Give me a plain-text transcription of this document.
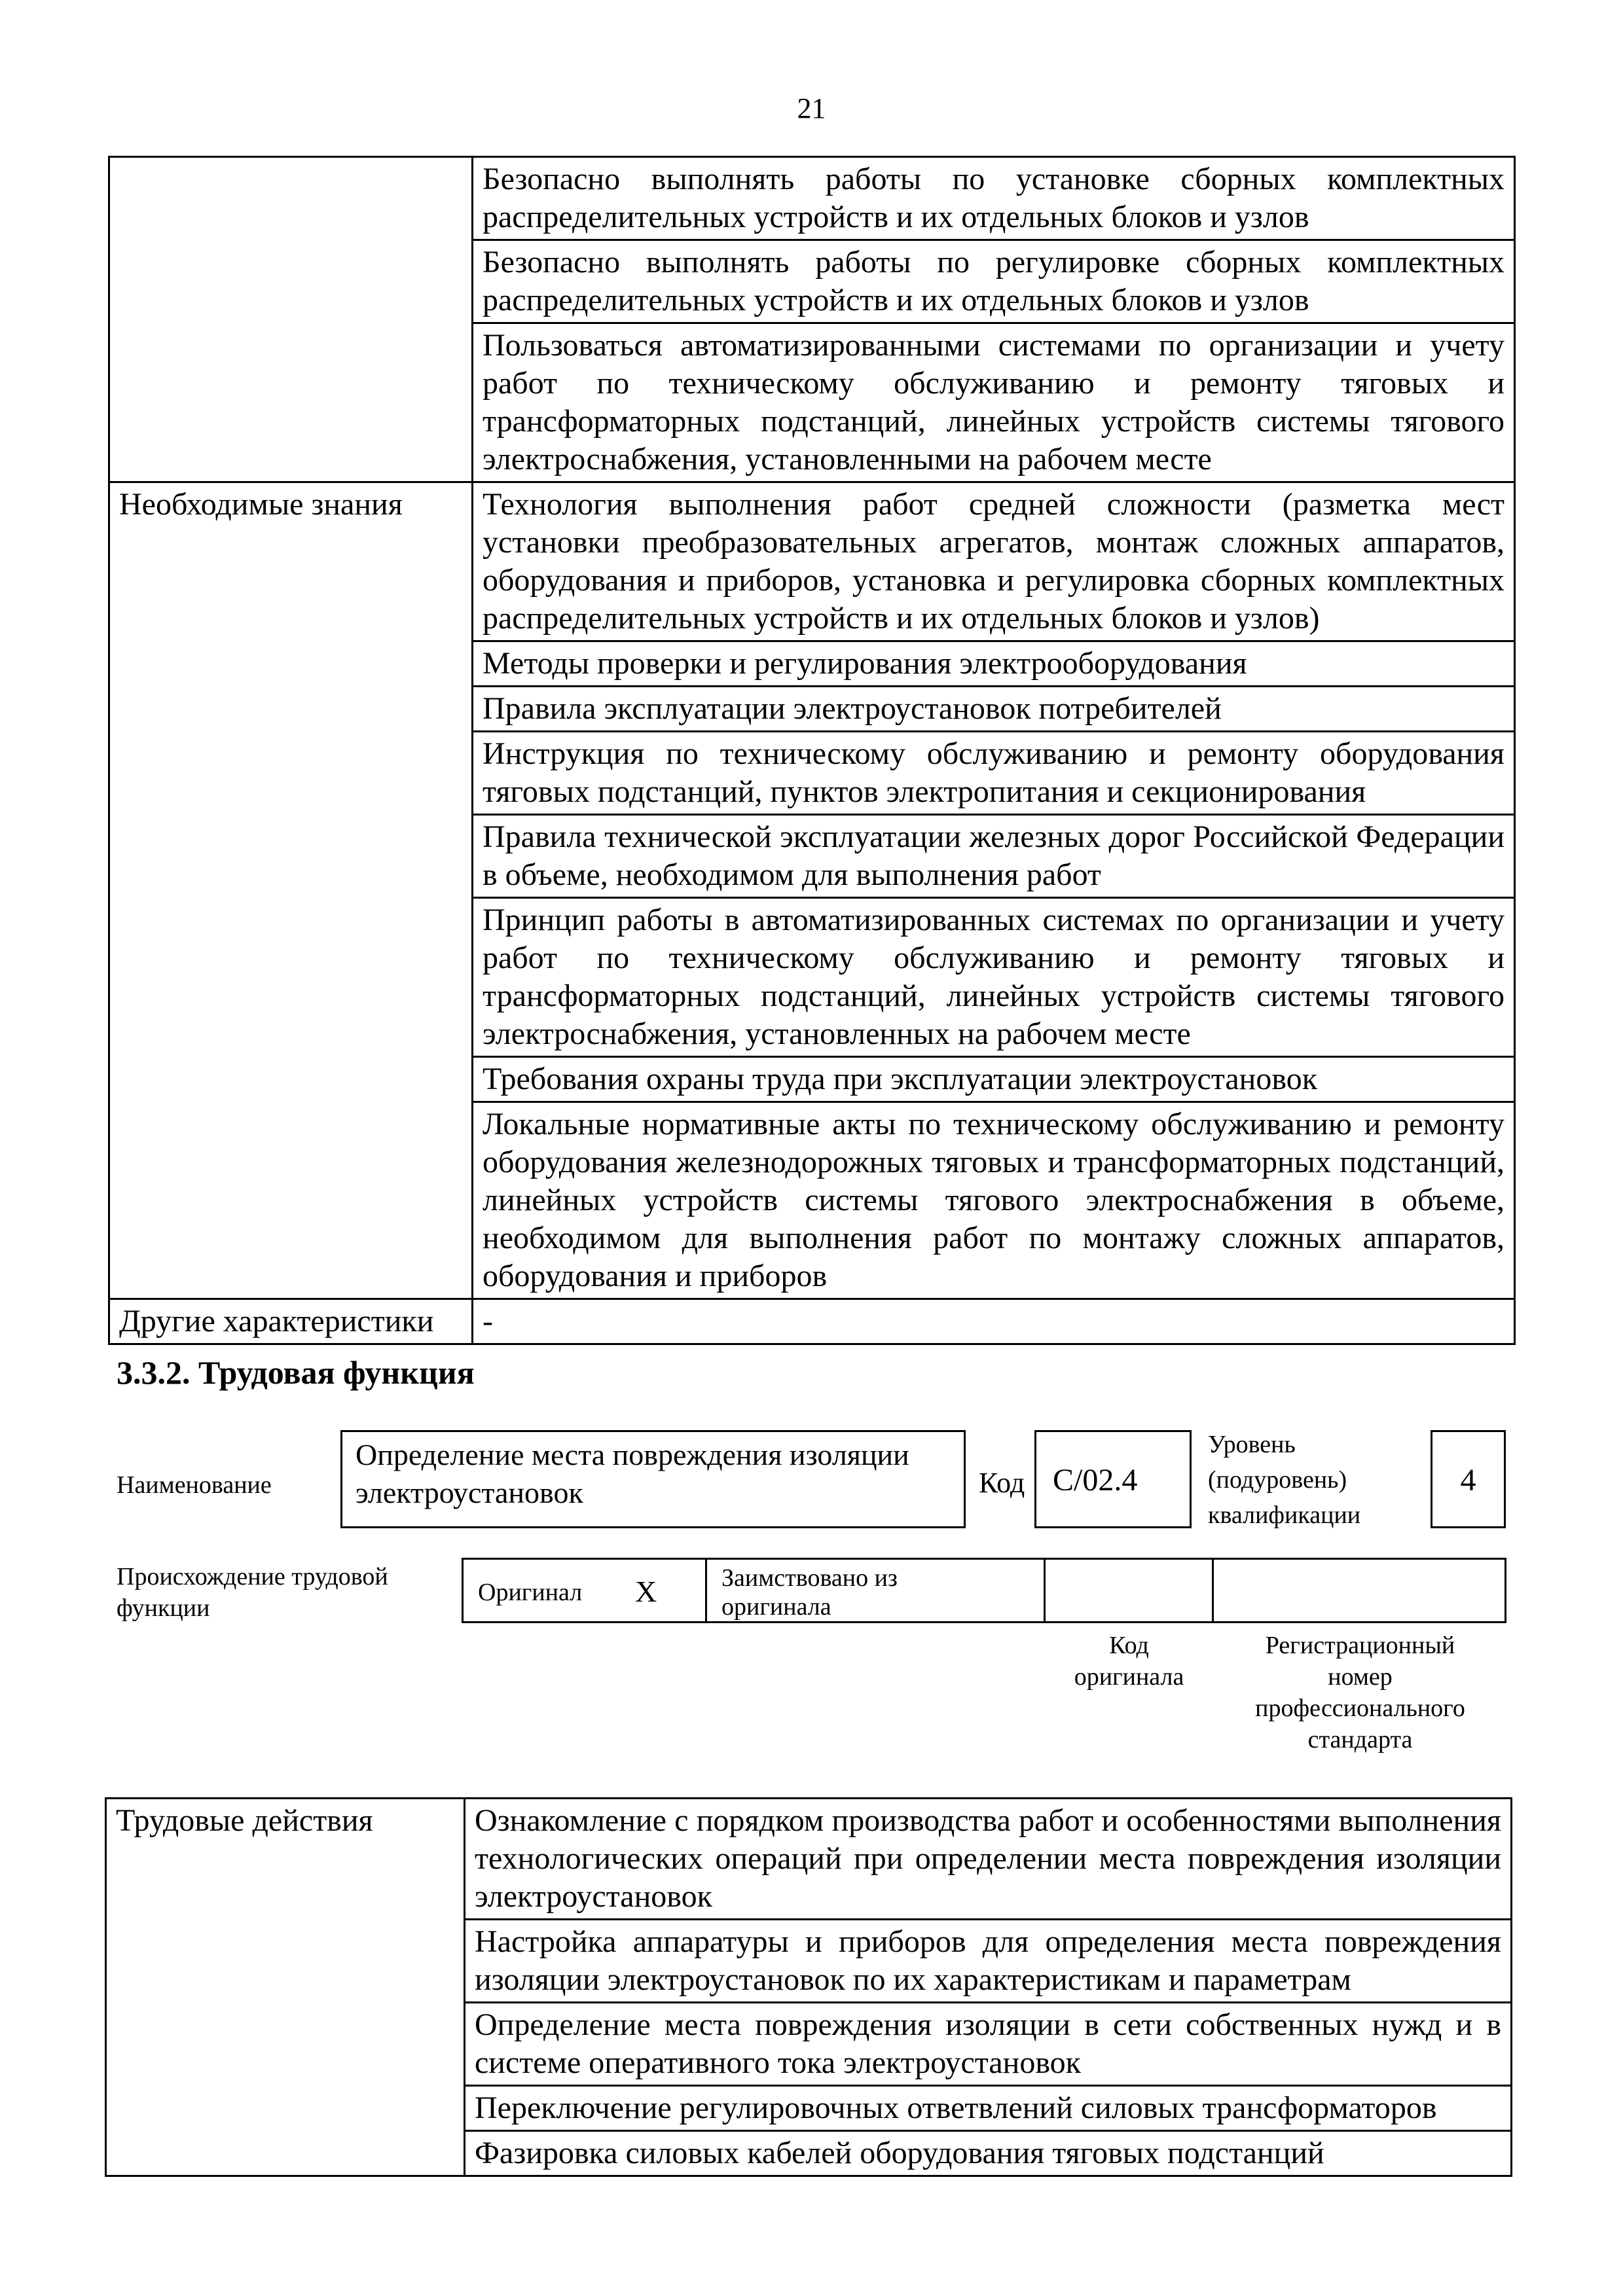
21
	Безопасно выполнять работы по установке сборных комплектных распределительных устройств и их отдельных блоков и узлов
	Безопасно выполнять работы по регулировке сборных комплектных распределительных устройств и их отдельных блоков и узлов
	Пользоваться автоматизированными системами по организации и учету работ по техническому обслуживанию и ремонту тяговых и трансформаторных подстанций, линейных устройств системы тягового электроснабжения, установленными на рабочем месте
Необходимые знания	Технология выполнения работ средней сложности (разметка мест установки преобразовательных агрегатов, монтаж сложных аппаратов, оборудования и приборов, установка и регулировка сборных комплектных распределительных устройств и их отдельных блоков и узлов)
	Методы проверки и регулирования электрооборудования
	Правила эксплуатации электроустановок потребителей
	Инструкция по техническому обслуживанию и ремонту оборудования тяговых подстанций, пунктов электропитания и секционирования
	Правила технической эксплуатации железных дорог Российской Федерации в объеме, необходимом для выполнения работ
	Принцип работы в автоматизированных системах по организации и учету работ по техническому обслуживанию и ремонту тяговых и трансформаторных подстанций, линейных устройств системы тягового электроснабжения, установленных на рабочем месте
	Требования охраны труда при эксплуатации электроустановок
	Локальные нормативные акты по техническому обслуживанию и ремонту оборудования железнодорожных тяговых и трансформаторных подстанций, линейных устройств системы тягового электроснабжения в объеме, необходимом для выполнения работ по монтажу сложных аппаратов, оборудования и приборов
Другие характеристики	-
3.3.2. Трудовая функция
Наименование
Определение места повреждения изоляции электроустановок	Код C/02.4
Уровень (подуровень) квалификации
4
Происхождение трудовой функции
Оригинал X	Заимствовано из оригинала
Код оригинала
Регистрационный номер профессионального стандарта
Трудовые действия	Ознакомление с порядком производства работ и особенностями выполнения технологических операций при определении места повреждения изоляции электроустановок
	Настройка аппаратуры и приборов для определения места повреждения изоляции электроустановок по их характеристикам и параметрам
	Определение места повреждения изоляции в сети собственных нужд и в системе оперативного тока электроустановок
	Переключение регулировочных ответвлений силовых трансформаторов
	Фазировка силовых кабелей оборудования тяговых подстанций
